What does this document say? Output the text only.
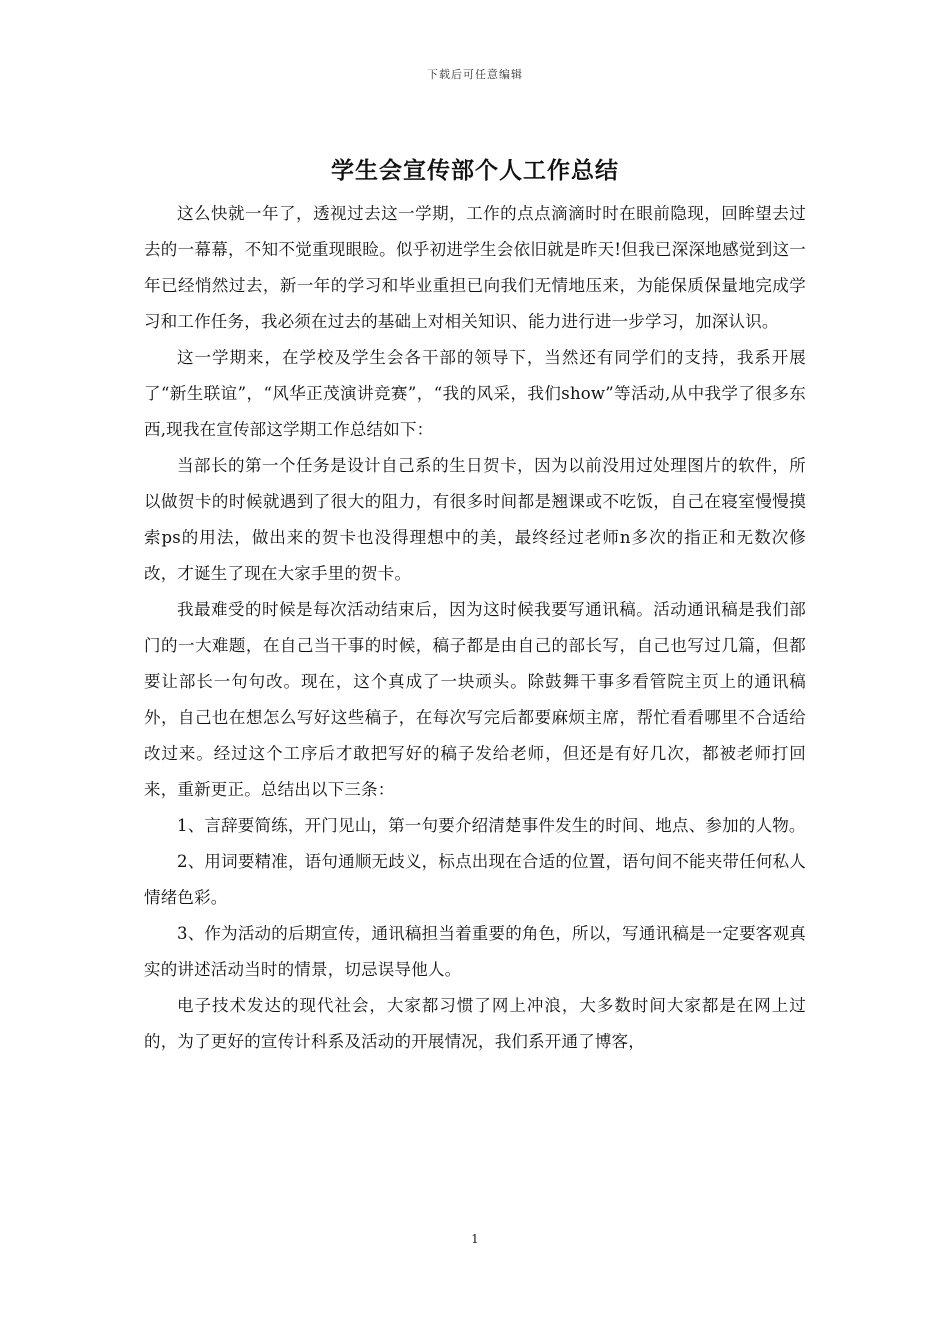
下载后可任意编辑
学生会宣传部个人工作总结

这么快就一年了，透视过去这一学期，工作的点点滴滴时时在眼前隐现，回眸望去过去的一幕幕，不知不觉重现眼睑。似乎初进学生会依旧就是昨天!但我已深深地感觉到这一年已经悄然过去，新一年的学习和毕业重担已向我们无情地压来，为能保质保量地完成学习和工作任务，我必须在过去的基础上对相关知识、能力进行进一步学习，加深认识。

这一学期来，在学校及学生会各干部的领导下，当然还有同学们的支持，我系开展了“新生联谊”，“风华正茂演讲竞赛”，“我的风采，我们show”等活动,从中我学了很多东西,现我在宣传部这学期工作总结如下：

当部长的第一个任务是设计自己系的生日贺卡，因为以前没用过处理图片的软件，所以做贺卡的时候就遇到了很大的阻力，有很多时间都是翘课或不吃饭，自己在寝室慢慢摸索ps的用法，做出来的贺卡也没得理想中的美，最终经过老师n多次的指正和无数次修改，才诞生了现在大家手里的贺卡。

我最难受的时候是每次活动结束后，因为这时候我要写通讯稿。活动通讯稿是我们部门的一大难题，在自己当干事的时候，稿子都是由自己的部长写，自己也写过几篇，但都要让部长一句句改。现在，这个真成了一块顽头。除鼓舞干事多看管院主页上的通讯稿外，自己也在想怎么写好这些稿子，在每次写完后都要麻烦主席，帮忙看看哪里不合适给改过来。经过这个工序后才敢把写好的稿子发给老师，但还是有好几次，都被老师打回来，重新更正。总结出以下三条：

1、言辞要简练，开门见山，第一句要介绍清楚事件发生的时间、地点、参加的人物。

2、用词要精准，语句通顺无歧义，标点出现在合适的位置，语句间不能夹带任何私人情绪色彩。

3、作为活动的后期宣传，通讯稿担当着重要的角色，所以，写通讯稿是一定要客观真实的讲述活动当时的情景，切忌误导他人。

电子技术发达的现代社会，大家都习惯了网上冲浪，大多数时间大家都是在网上过的，为了更好的宣传计科系及活动的开展情况，我们系开通了博客，

1
